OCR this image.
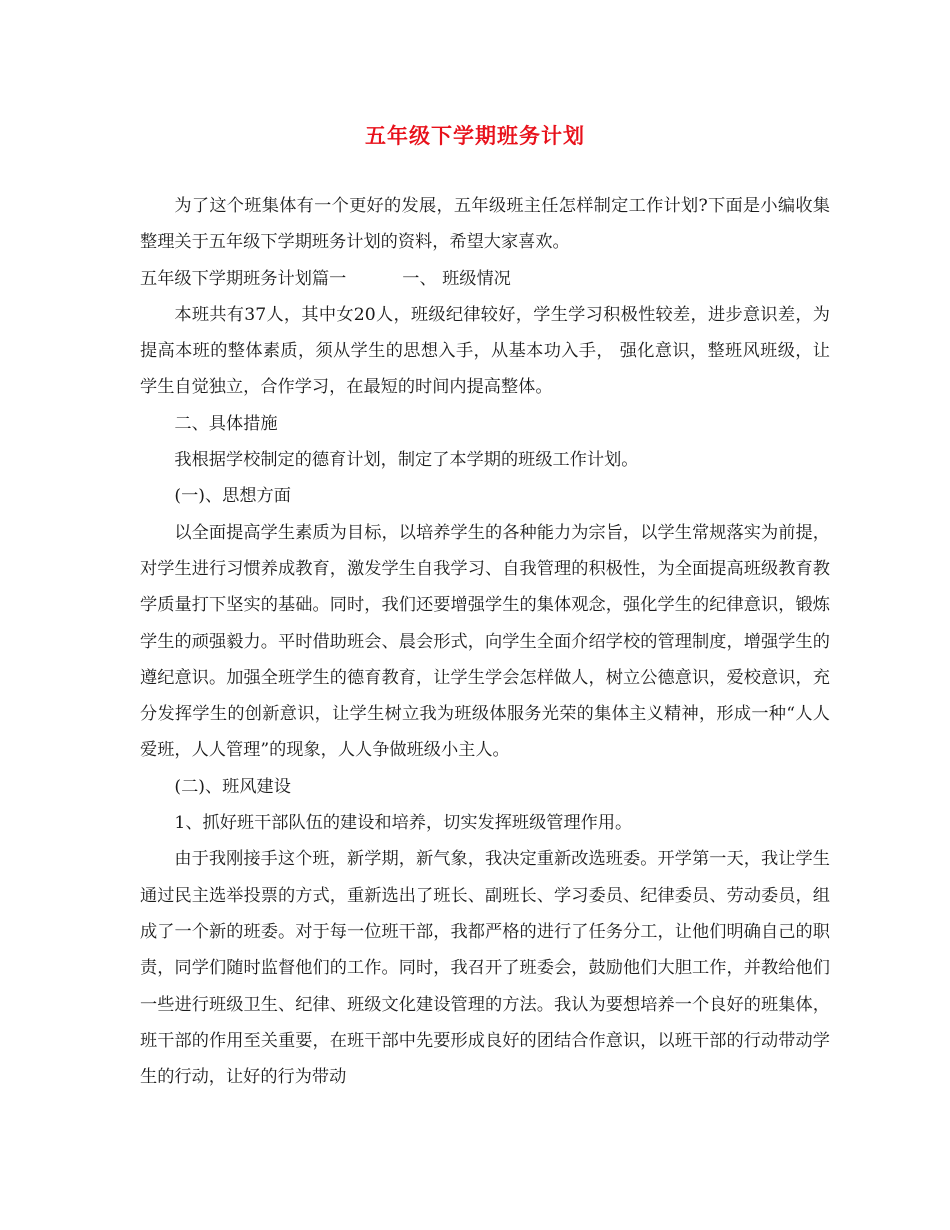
五年级下学期班务计划

为了这个班集体有一个更好的发展，五年级班主任怎样制定工作计划?下面是小编收集整理关于五年级下学期班务计划的资料，希望大家喜欢。

五年级下学期班务计划篇一	一、 班级情况

本班共有37人，其中女20人，班级纪律较好，学生学习积极性较差，进步意识差，为提高本班的整体素质，须从学生的思想入手，从基本功入手， 强化意识，整班风班级，让学生自觉独立，合作学习，在最短的时间内提高整体。

二、具体措施

我根据学校制定的德育计划，制定了本学期的班级工作计划。

(一)、思想方面

以全面提高学生素质为目标，以培养学生的各种能力为宗旨，以学生常规落实为前提，对学生进行习惯养成教育，激发学生自我学习、自我管理的积极性，为全面提高班级教育教学质量打下坚实的基础。同时，我们还要增强学生的集体观念，强化学生的纪律意识，锻炼学生的顽强毅力。平时借助班会、晨会形式，向学生全面介绍学校的管理制度，增强学生的遵纪意识。加强全班学生的德育教育，让学生学会怎样做人，树立公德意识，爱校意识，充分发挥学生的创新意识，让学生树立我为班级体服务光荣的集体主义精神，形成一种“人人爱班，人人管理”的现象，人人争做班级小主人。

(二)、班风建设

1、抓好班干部队伍的建设和培养，切实发挥班级管理作用。

由于我刚接手这个班，新学期，新气象，我决定重新改选班委。开学第一天，我让学生通过民主选举投票的方式，重新选出了班长、副班长、学习委员、纪律委员、劳动委员，组成了一个新的班委。对于每一位班干部，我都严格的进行了任务分工，让他们明确自己的职责，同学们随时监督他们的工作。同时，我召开了班委会，鼓励他们大胆工作，并教给他们一些进行班级卫生、纪律、班级文化建设管理的方法。我认为要想培养一个良好的班集体，班干部的作用至关重要，在班干部中先要形成良好的团结合作意识，以班干部的行动带动学生的行动，让好的行为带动
